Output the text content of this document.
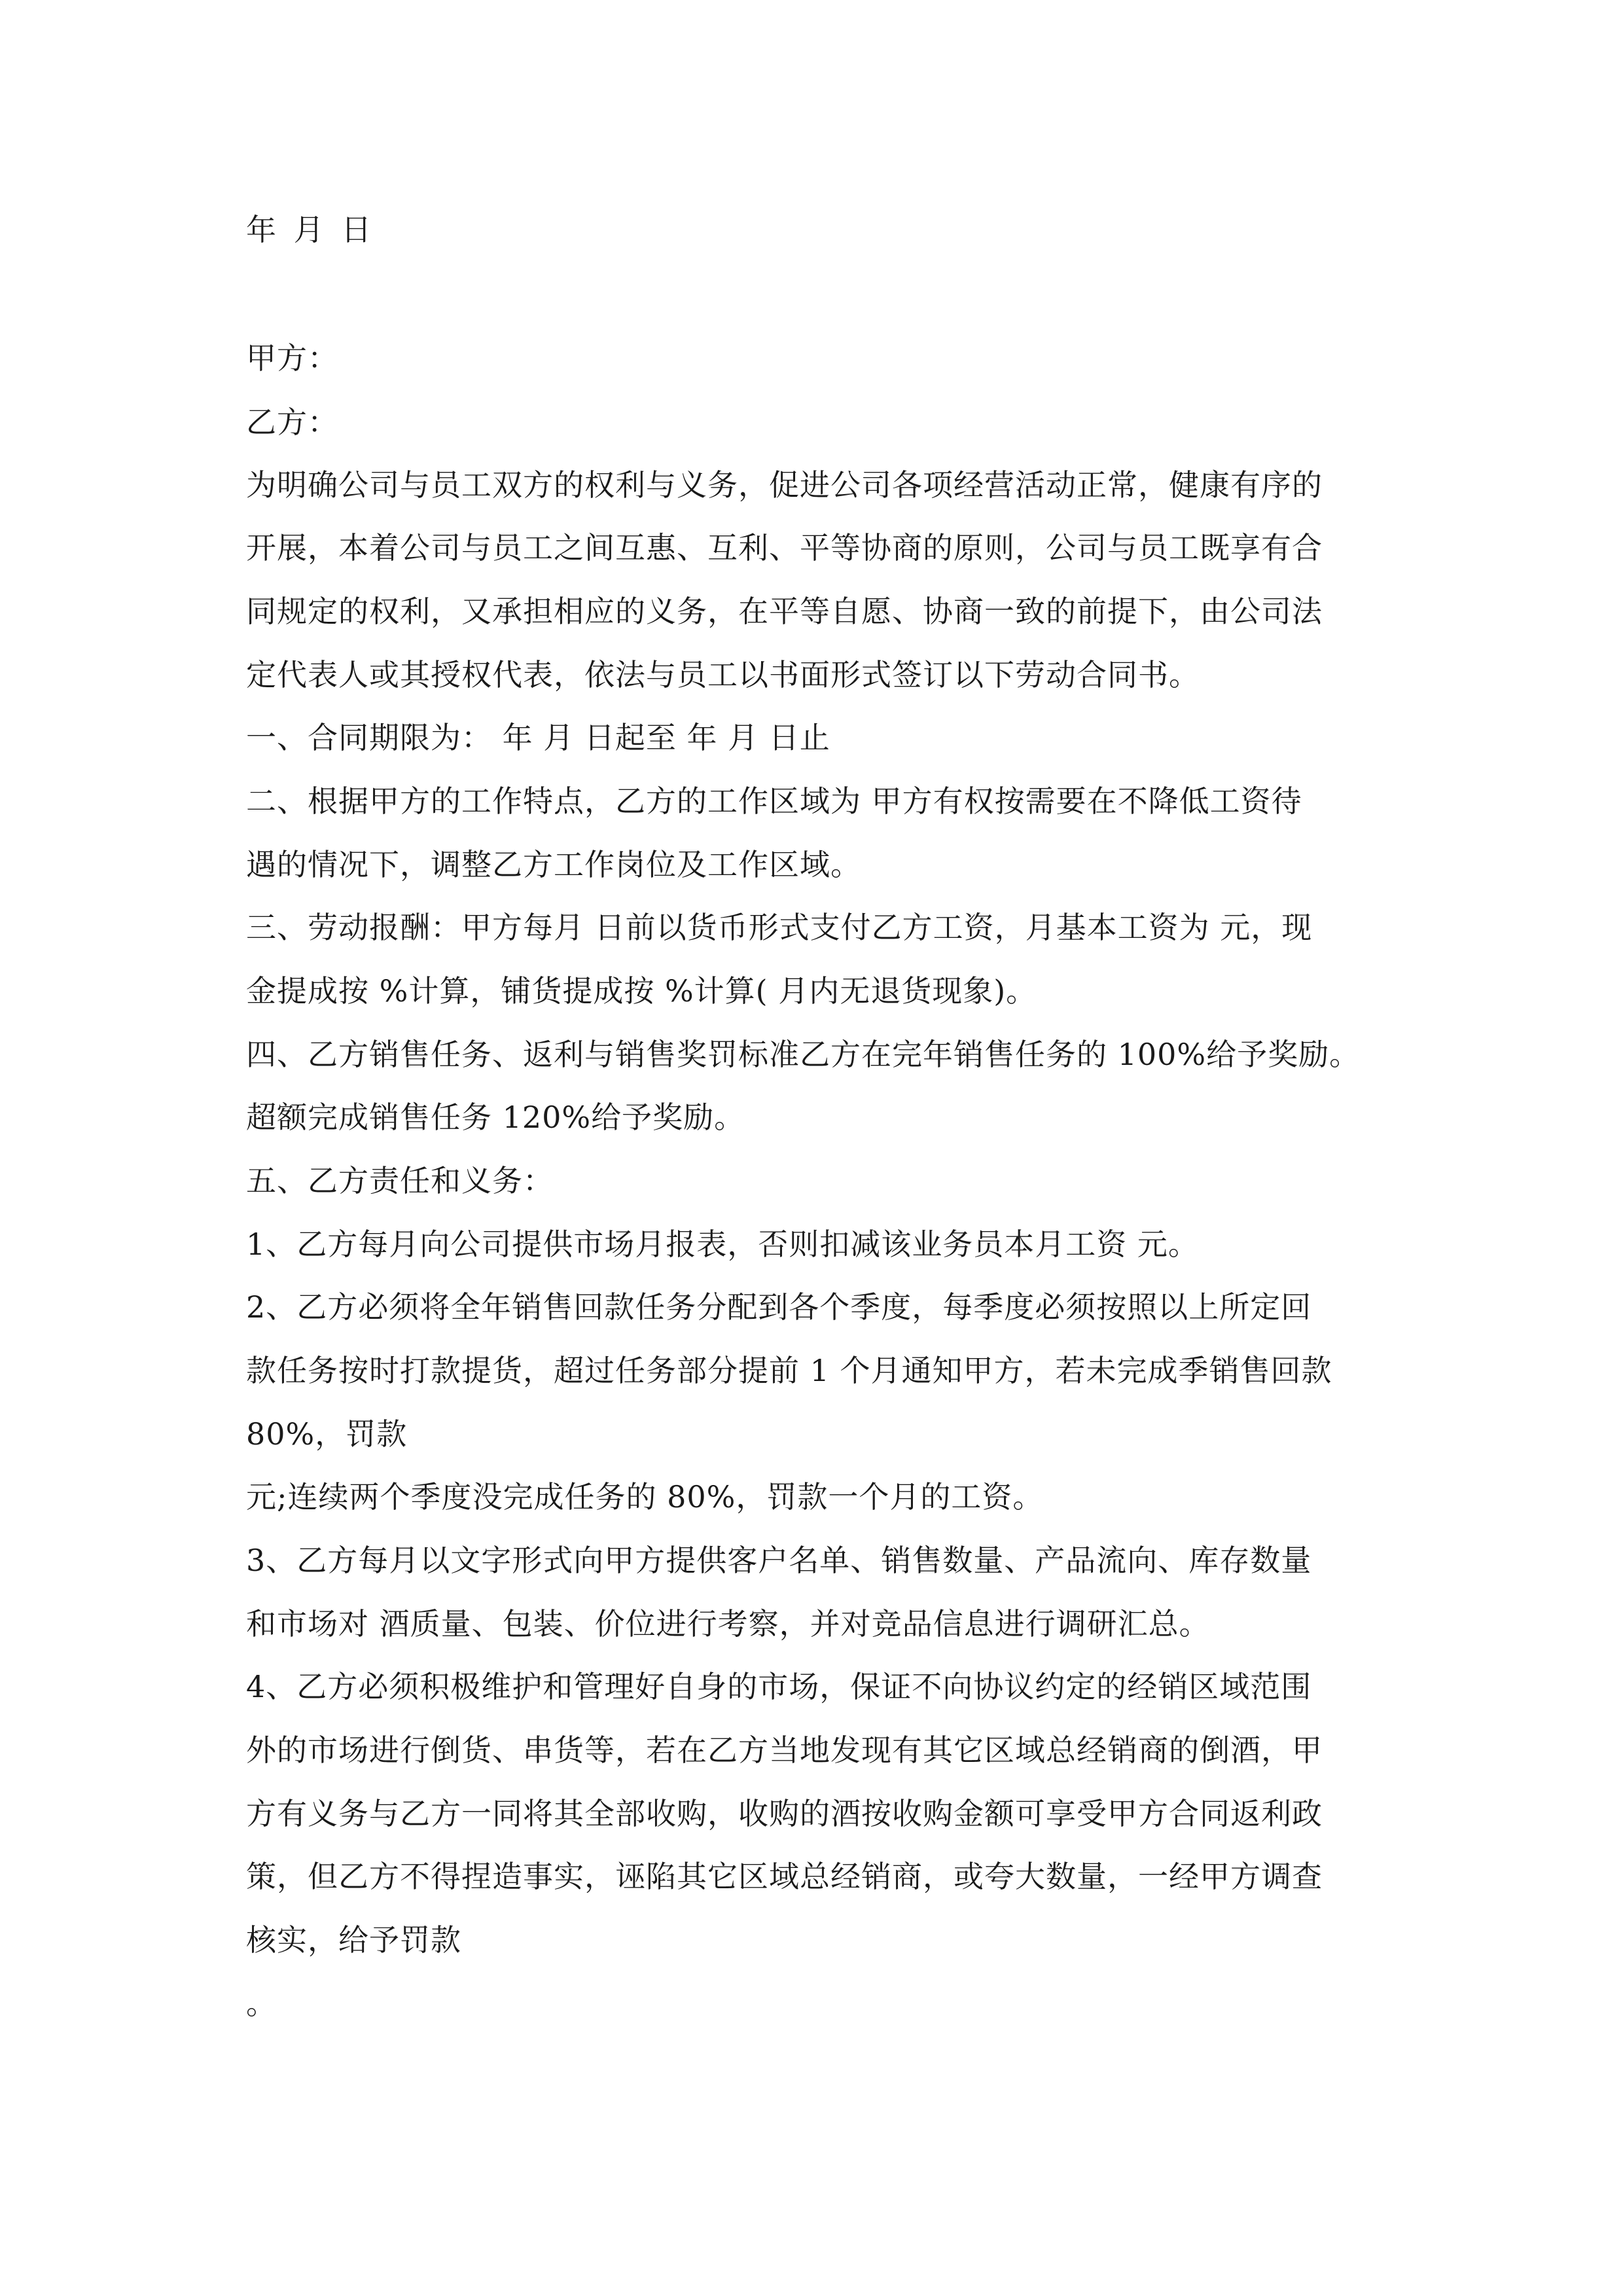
年 月 日
甲方：
乙方：
为明确公司与员工双方的权利与义务，促进公司各项经营活动正常，健康有序的
开展，本着公司与员工之间互惠、互利、平等协商的原则，公司与员工既享有合
同规定的权利，又承担相应的义务，在平等自愿、协商一致的前提下，由公司法
定代表人或其授权代表，依法与员工以书面形式签订以下劳动合同书。
一、合同期限为： 年 月 日起至 年 月 日止
二、根据甲方的工作特点，乙方的工作区域为 甲方有权按需要在不降低工资待
遇的情况下，调整乙方工作岗位及工作区域。
三、劳动报酬：甲方每月 日前以货币形式支付乙方工资，月基本工资为 元，现
金提成按 %计算，铺货提成按 %计算( 月内无退货现象)。
四、乙方销售任务、返利与销售奖罚标准乙方在完年销售任务的 100%给予奖励。
超额完成销售任务 120%给予奖励。
五、乙方责任和义务：
1、乙方每月向公司提供市场月报表，否则扣减该业务员本月工资 元。
2、乙方必须将全年销售回款任务分配到各个季度，每季度必须按照以上所定回
款任务按时打款提货，超过任务部分提前 1 个月通知甲方，若未完成季销售回款
80%，罚款
元;连续两个季度没完成任务的 80%，罚款一个月的工资。
3、乙方每月以文字形式向甲方提供客户名单、销售数量、产品流向、库存数量
和市场对 酒质量、包装、价位进行考察，并对竞品信息进行调研汇总。
4、乙方必须积极维护和管理好自身的市场，保证不向协议约定的经销区域范围
外的市场进行倒货、串货等，若在乙方当地发现有其它区域总经销商的倒酒，甲
方有义务与乙方一同将其全部收购，收购的酒按收购金额可享受甲方合同返利政
策，但乙方不得捏造事实，诬陷其它区域总经销商，或夸大数量，一经甲方调查
核实，给予罚款
。
